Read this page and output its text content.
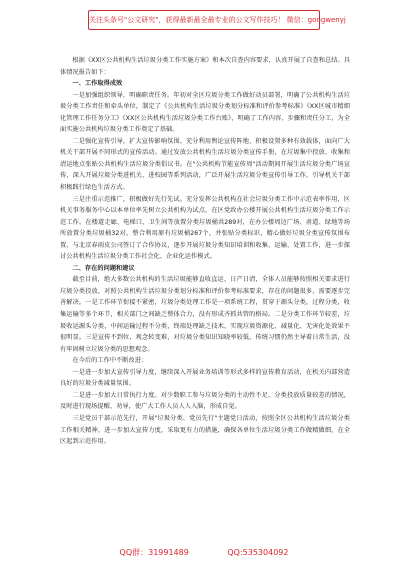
关注头条号"公文研究"，获得最新最全最专业的公文写作技巧！ 微信：gongwenyj

根据《XX区公共机构生活垃圾分类工作实施方案》和本次自查内容要求，认真开展了自查和总结。具体情况报告如下：

一、工作取得成效

一是加强组织领导，明确职责任务。年初对全区垃圾分类工作做好动员部署，明确了公共机构生活垃圾分类工作责任和牵头单位，制定了《公共机构生活垃圾分类划分标准和评价参考标准》《XX区城市精细化管理工作任务分工》《XX区公共机构生活垃圾分类工作台账》，明确了工作内容、步骤和责任分工，为全面实施公共机构垃圾分类工作奠定了基础。

二是强化宣传引导，扩大宣传影响氛围。充分利用舆论宣传阵地，积极设置多种有效载体，面向广大机关干部开展不同形式的宣传活动。通过发放公共机构生活垃圾分类宣传手册，在垃圾集中投放、收集和清运地点张贴公共机构生活垃圾分类倡议书。在"公共机构节能宣传周"活动期间开展生活垃圾分类广场宣传，深入开展垃圾分类进机关、进校园等系列活动，广泛开展生活垃圾分类宣传引导工作，引导机关干部积极践行绿色生活方式。

三是注重示范推广，积极做好先行先试。充分发挥公共机构在社会垃圾分类工作中示范表率作用，区机关事务服务中心以本单位率先树立公共机构为试点，在区党政办公楼开展公共机构生活垃圾分类工作示范工作。在楼道走廊、电梯口、卫生间等放置分类垃圾桶共289对，在办公楼周边广场、甬道、绿地等场所放置分类垃圾桶32对，整合利用原有垃圾桶267个，并张贴分类标识，精心做好垃圾分类宣传氛围布置，与北京春雨皮公司签订了合作协议，逐步开展垃圾分类知识培训和收集、运输、处置工作，进一步探讨公共机构生活垃圾分类工作社会化、企业化运作模式。

二、存在的问题和建议

截至目前，绝大多数公共机构的生活垃圾能够直收直运、日产日清，全体人员能够按照相关要求进行垃圾分类投放，对照公共机构生活垃圾分类划分标准和评价参考标准要求，存在的问题很多，需要逐步完善解决。一是工作环节衔接不紧密，垃圾分类处理工作是一项系统工程，贯穿于源头分类，过程分类，收集运输等多个环节，相关部门之间缺乏整体合力，没有形成齐抓共管的格局。二是分类工作环节较差，垃圾收运源头分类、中间运输过程不分类，终端处理缺乏技术，实现垃圾资源化、减量化、无害化处效果不很明显。三是宣传不到位，观念转变难，对垃圾分类知识知晓率较低，传统习惯仍然主导着日常生活，没有牢固树立垃圾分类的思想观念。

在今后的工作中不断改进：

一是进一步加大宣传引导力度，继续深入开展业务培训等形式多样的宣传教育活动，在机关内部营造良好的垃圾分类减量氛围。

二是进一步加大日常执行力度。对少数职工参与垃圾分类的主动性不足、分类投放质量较差的情况，及时进行现场提醒、劝导，使广大工作人员人人入脑，形成自觉。

三是党员干部示范先行，开展"垃圾分类、党员先行"主题党日活动，按照全区公共机构生活垃圾分类工作相关精神，进一步加大宣传力度，采取更有力的措施，确保各单位生活垃圾分类工作做精做细，在全区起到示范作用。

QQ群：31991489	QQ:535304092
